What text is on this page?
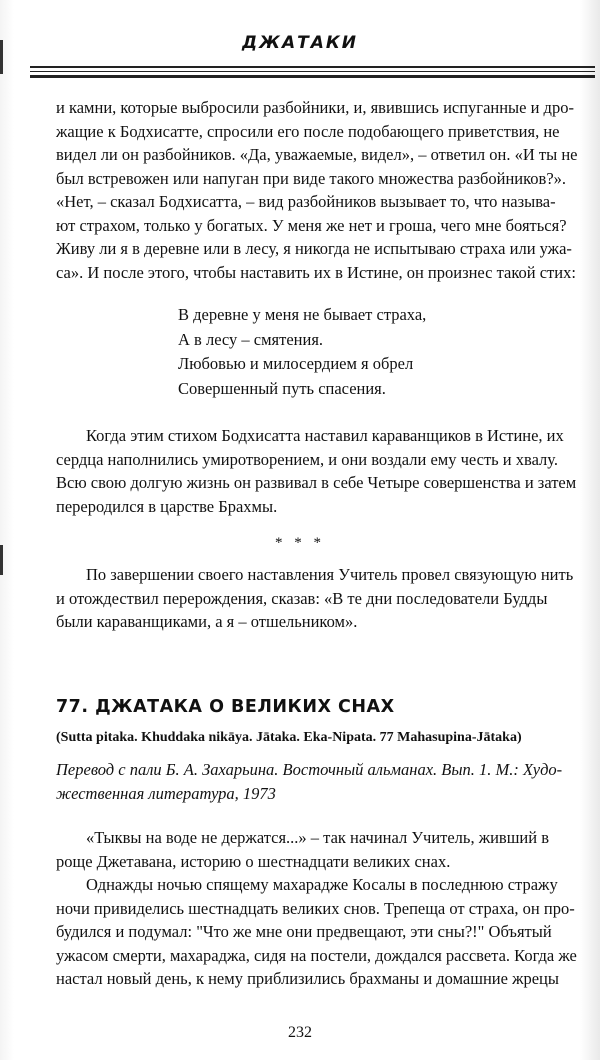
ДЖАТАКИ

и камни, которые выбросили разбойники, и, явившись испуганные и дро-

жащие к Бодхисатте, спросили его после подобающего приветствия, не

видел ли он разбойников. «Да, уважаемые, видел», – ответил он. «И ты не

был встревожен или напуган при виде такого множества разбойников?».

«Нет, – сказал Бодхисатта, – вид разбойников вызывает то, что называ-

ют страхом, только у богатых. У меня же нет и гроша, чего мне бояться?

Живу ли я в деревне или в лесу, я никогда не испытываю страха или ужа-

са». И после этого, чтобы наставить их в Истине, он произнес такой стих:

В деревне у меня не бывает страха,
А в лесу – смятения.
Любовью и милосердием я обрел
Совершенный путь спасения.

Когда этим стихом Бодхисатта наставил караванщиков в Истине, их

сердца наполнились умиротворением, и они воздали ему честь и хвалу.

Всю свою долгую жизнь он развивал в себе Четыре совершенства и затем

переродился в царстве Брахмы.

* * *

По завершении своего наставления Учитель провел связующую нить

и отождествил перерождения, сказав: «В те дни последователи Будды

были караванщиками, а я – отшельником».

77. ДЖАТАКА О ВЕЛИКИХ СНАХ
(Sutta pitaka. Khuddaka nikāya. Jātaka. Eka-Nipata. 77 Mahasupina-Jātaka)
Перевод с пали Б. А. Захарьина. Восточный альманах. Вып. 1. М.: Худо-
жественная литература, 1973

«Тыквы на воде не держатся...» – так начинал Учитель, живший в

роще Джетавана, историю о шестнадцати великих снах.

Однажды ночью спящему махарадже Косалы в последнюю стражу

ночи привиделись шестнадцать великих снов. Трепеща от страха, он про-

будился и подумал: "Что же мне они предвещают, эти сны?!" Объятый

ужасом смерти, махараджа, сидя на постели, дождался рассвета. Когда же

настал новый день, к нему приблизились брахманы и домашние жрецы

232
